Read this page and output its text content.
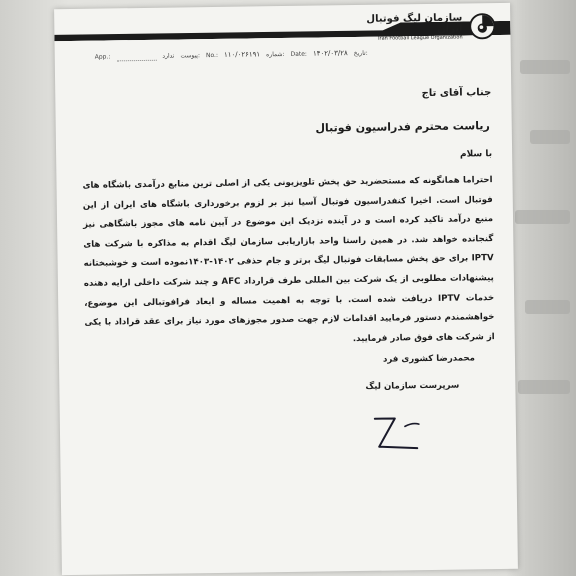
سازمان لیگ فوتبال ایران
Iran Football League Organization
App.:	ندارد پیوست: No.: ۱۱۰/۰۲۶۱۹۱ شماره: Date: ۱۴۰۲/۰۳/۲۸ تاریخ:
جناب آقای تاج
ریاست محترم فدراسیون فوتبال
با سلام
احتراما همانگونه که مستحضرید حق پخش تلویزیونی یکی از اصلی ترین منابع درآمدی باشگاه های فوتبال است. اخیرا کنفدراسیون فوتبال آسیا نیز بر لزوم برخورداری باشگاه های ایران از این منبع درآمد تاکید کرده است و در آینده نزدیک این موضوع در آیین نامه های مجوز باشگاهی نیز گنجانده خواهد شد. در همین راستا واحد بازاریابی سازمان لیگ اقدام به مذاکره با شرکت های IPTV برای حق پخش مسابقات فوتبال لیگ برتر و جام حذفی ۱۴۰۲-۱۴۰۳نموده است و خوشبختانه پیشنهادات مطلوبی از یک شرکت بین المللی طرف قرارداد AFC و چند شرکت داخلی ارایه دهنده خدمات IPTV دریافت شده است. با توجه به اهمیت مساله و ابعاد فرافوتبالی این موضوع، خواهشمندم دستور فرمایید اقدامات لازم جهت صدور مجوزهای مورد نیاز برای عقد قراداد با یکی از شرکت های فوق صادر فرمایید.
محمدرضا کشوری فرد
سرپرست سازمان لیگ
